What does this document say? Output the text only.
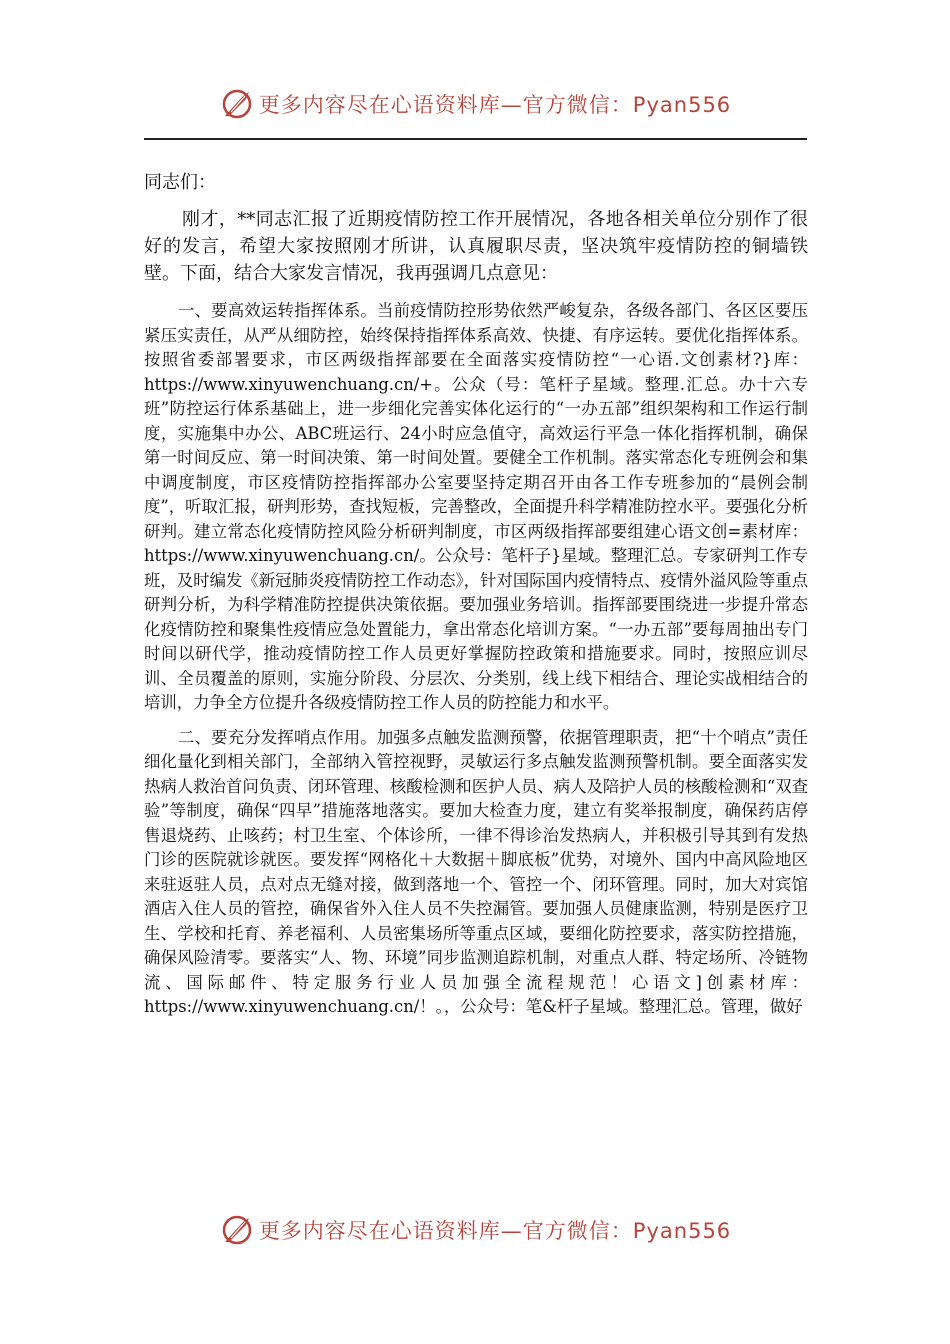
更多内容尽在心语资料库—官方微信：Pyan556

同志们：

刚才，**同志汇报了近期疫情防控工作开展情况，各地各相关单位分别作了很好的发言，希望大家按照刚才所讲，认真履职尽责，坚决筑牢疫情防控的铜墙铁壁。下面，结合大家发言情况，我再强调几点意见：

一、要高效运转指挥体系。当前疫情防控形势依然严峻复杂，各级各部门、各区区要压紧压实责任，从严从细防控，始终保持指挥体系高效、快捷、有序运转。要优化指挥体系。按照省委部署要求，市区两级指挥部要在全面落实疫情防控“一心语.文创素材?}库：https://www.xinyuwenchuang.cn/+。公众（号：笔杆子星域。整理.汇总。办十六专班”防控运行体系基础上，进一步细化完善实体化运行的“一办五部”组织架构和工作运行制度，实施集中办公、ABC班运行、24小时应急值守，高效运行平急一体化指挥机制，确保第一时间反应、第一时间决策、第一时间处置。要健全工作机制。落实常态化专班例会和集中调度制度，市区疫情防控指挥部办公室要坚持定期召开由各工作专班参加的“晨例会制度”，听取汇报，研判形势，查找短板，完善整改，全面提升科学精准防控水平。要强化分析研判。建立常态化疫情防控风险分析研判制度，市区两级指挥部要组建心语文创=素材库：https://www.xinyuwenchuang.cn/。公众号：笔杆子}星域。整理汇总。专家研判工作专班，及时编发《新冠肺炎疫情防控工作动态》，针对国际国内疫情特点、疫情外溢风险等重点研判分析，为科学精准防控提供决策依据。要加强业务培训。指挥部要围绕进一步提升常态化疫情防控和聚集性疫情应急处置能力，拿出常态化培训方案。“一办五部”要每周抽出专门时间以研代学，推动疫情防控工作人员更好掌握防控政策和措施要求。同时，按照应训尽训、全员覆盖的原则，实施分阶段、分层次、分类别，线上线下相结合、理论实战相结合的培训，力争全方位提升各级疫情防控工作人员的防控能力和水平。

二、要充分发挥哨点作用。加强多点触发监测预警，依据管理职责，把“十个哨点”责任细化量化到相关部门，全部纳入管控视野，灵敏运行多点触发监测预警机制。要全面落实发热病人救治首问负责、闭环管理、核酸检测和医护人员、病人及陪护人员的核酸检测和“双查验”等制度，确保“四早”措施落地落实。要加大检查力度，建立有奖举报制度，确保药店停售退烧药、止咳药；村卫生室、个体诊所，一律不得诊治发热病人，并积极引导其到有发热门诊的医院就诊就医。要发挥“网格化＋大数据＋脚底板”优势，对境外、国内中高风险地区来驻返驻人员，点对点无缝对接，做到落地一个、管控一个、闭环管理。同时，加大对宾馆酒店入住人员的管控，确保省外入住人员不失控漏管。要加强人员健康监测，特别是医疗卫生、学校和托育、养老福利、人员密集场所等重点区域，要细化防控要求，落实防控措施，确保风险清零。要落实“人、物、环境”同步监测追踪机制，对重点人群、特定场所、冷链物流、国际邮件、特定服务行业人员加强全流程规范！心语文]创素材库：https://www.xinyuwenchuang.cn/！。，公众号：笔&杆子星域。整理汇总。管理，做好

更多内容尽在心语资料库—官方微信：Pyan556
